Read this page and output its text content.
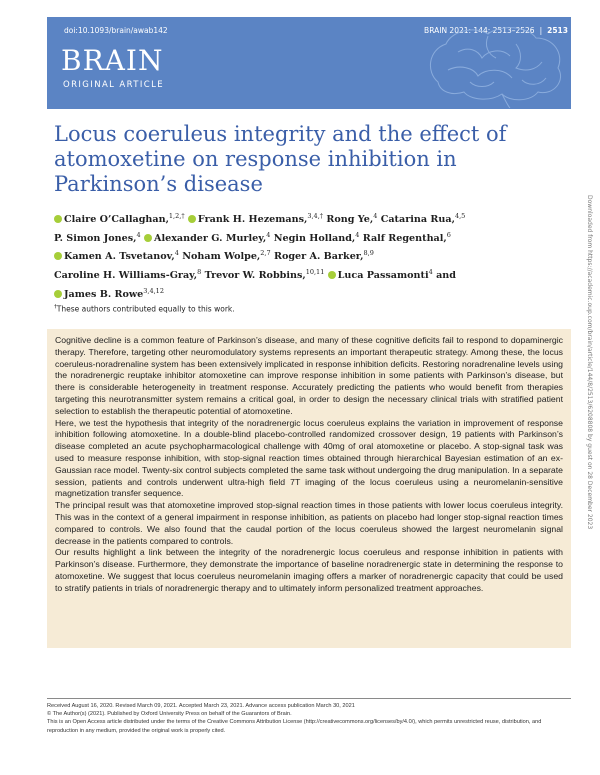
doi:10.1093/brain/awab142	BRAIN 2021: 144; 2513–2526 | 2513
BRAIN
ORIGINAL ARTICLE
Locus coeruleus integrity and the effect of atomoxetine on response inhibition in Parkinson’s disease
Claire O’Callaghan,$^{1,2,\dagger}$ Frank H. Hezemans,$^{3,4,\dagger}$ Rong Ye,$^4$ Catarina Rua,$^{4,5}$
P. Simon Jones,$^4$ Alexander G. Murley,$^4$ Negin Holland,$^4$ Ralf Regenthal,$^6$
Kamen A. Tsvetanov,$^4$ Noham Wolpe,$^{2,7}$ Roger A. Barker,$^{8,9}$
Caroline H. Williams-Gray,$^8$ Trevor W. Robbins,$^{10,11}$ Luca Passamonti$^4$ and
James B. Rowe$^{3,4,12}$
†These authors contributed equally to this work.

Cognitive decline is a common feature of Parkinson’s disease, and many of these cognitive deficits fail to respond to dopaminergic therapy. Therefore, targeting other neuromodulatory systems represents an important therapeutic strategy. Among these, the locus coeruleus-noradrenaline system has been extensively implicated in response inhibition deficits. Restoring noradrenaline levels using the noradrenergic reuptake inhibitor atomoxetine can improve response inhibition in some patients with Parkinson’s disease, but there is considerable heterogeneity in treatment response. Accurately predicting the patients who would benefit from therapies targeting this neurotransmitter system remains a critical goal, in order to design the necessary clinical trials with stratified patient selection to establish the therapeutic potential of atomoxetine.

Here, we test the hypothesis that integrity of the noradrenergic locus coeruleus explains the variation in improvement of response inhibition following atomoxetine. In a double-blind placebo-controlled randomized crossover design, 19 patients with Parkinson’s disease completed an acute psychopharmacological challenge with 40mg of oral atomoxetine or placebo. A stop-signal task was used to measure response inhibition, with stop-signal reaction times obtained through hierarchical Bayesian estimation of an ex-Gaussian race model. Twenty-six control subjects completed the same task without undergoing the drug manipulation. In a separate session, patients and controls underwent ultra-high field 7T imaging of the locus coeruleus using a neuromelanin-sensitive magnetization transfer sequence.

The principal result was that atomoxetine improved stop-signal reaction times in those patients with lower locus coeruleus integrity. This was in the context of a general impairment in response inhibition, as patients on placebo had longer stop-signal reaction times compared to controls. We also found that the caudal portion of the locus coeruleus showed the largest neuromelanin signal decrease in the patients compared to controls.

Our results highlight a link between the integrity of the noradrenergic locus coeruleus and response inhibition in patients with Parkinson’s disease. Furthermore, they demonstrate the importance of baseline noradrenergic state in determining the response to atomoxetine. We suggest that locus coeruleus neuromelanin imaging offers a marker of noradrenergic capacity that could be used to stratify patients in trials of noradrenergic therapy and to ultimately inform personalized treatment approaches.

Received August 16, 2020. Revised March 09, 2021. Accepted March 23, 2021. Advance access publication March 30, 2021
© The Author(s) (2021). Published by Oxford University Press on behalf of the Guarantors of Brain.
This is an Open Access article distributed under the terms of the Creative Commons Attribution License (http://creativecommons.org/licenses/by/4.0/), which permits unrestricted reuse, distribution, and reproduction in any medium, provided the original work is properly cited.
Downloaded from https://academic.oup.com/brain/article/144/8/2513/6208808 by guest on 28 December 2023
